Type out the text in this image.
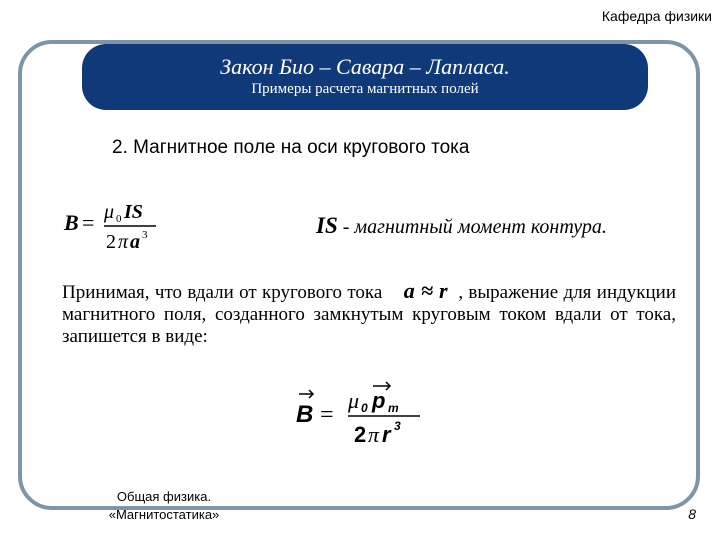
Кафедра физики
Закон Био – Савара – Лапласа.
Примеры расчета магнитных полей
2. Магнитное поле на оси кругового тока
B = μ 0 IS
2 π a 3	IS - магнитный момент контура.
Принимая, что вдали от кругового тока a ≈ r , выражение для индукции магнитного поля, созданного замкнутым круговым током вдали от тока, запишется в виде:
B =
μ 0 p m
2 π r 3
Общая физика.
«Магнитостатика»	8
